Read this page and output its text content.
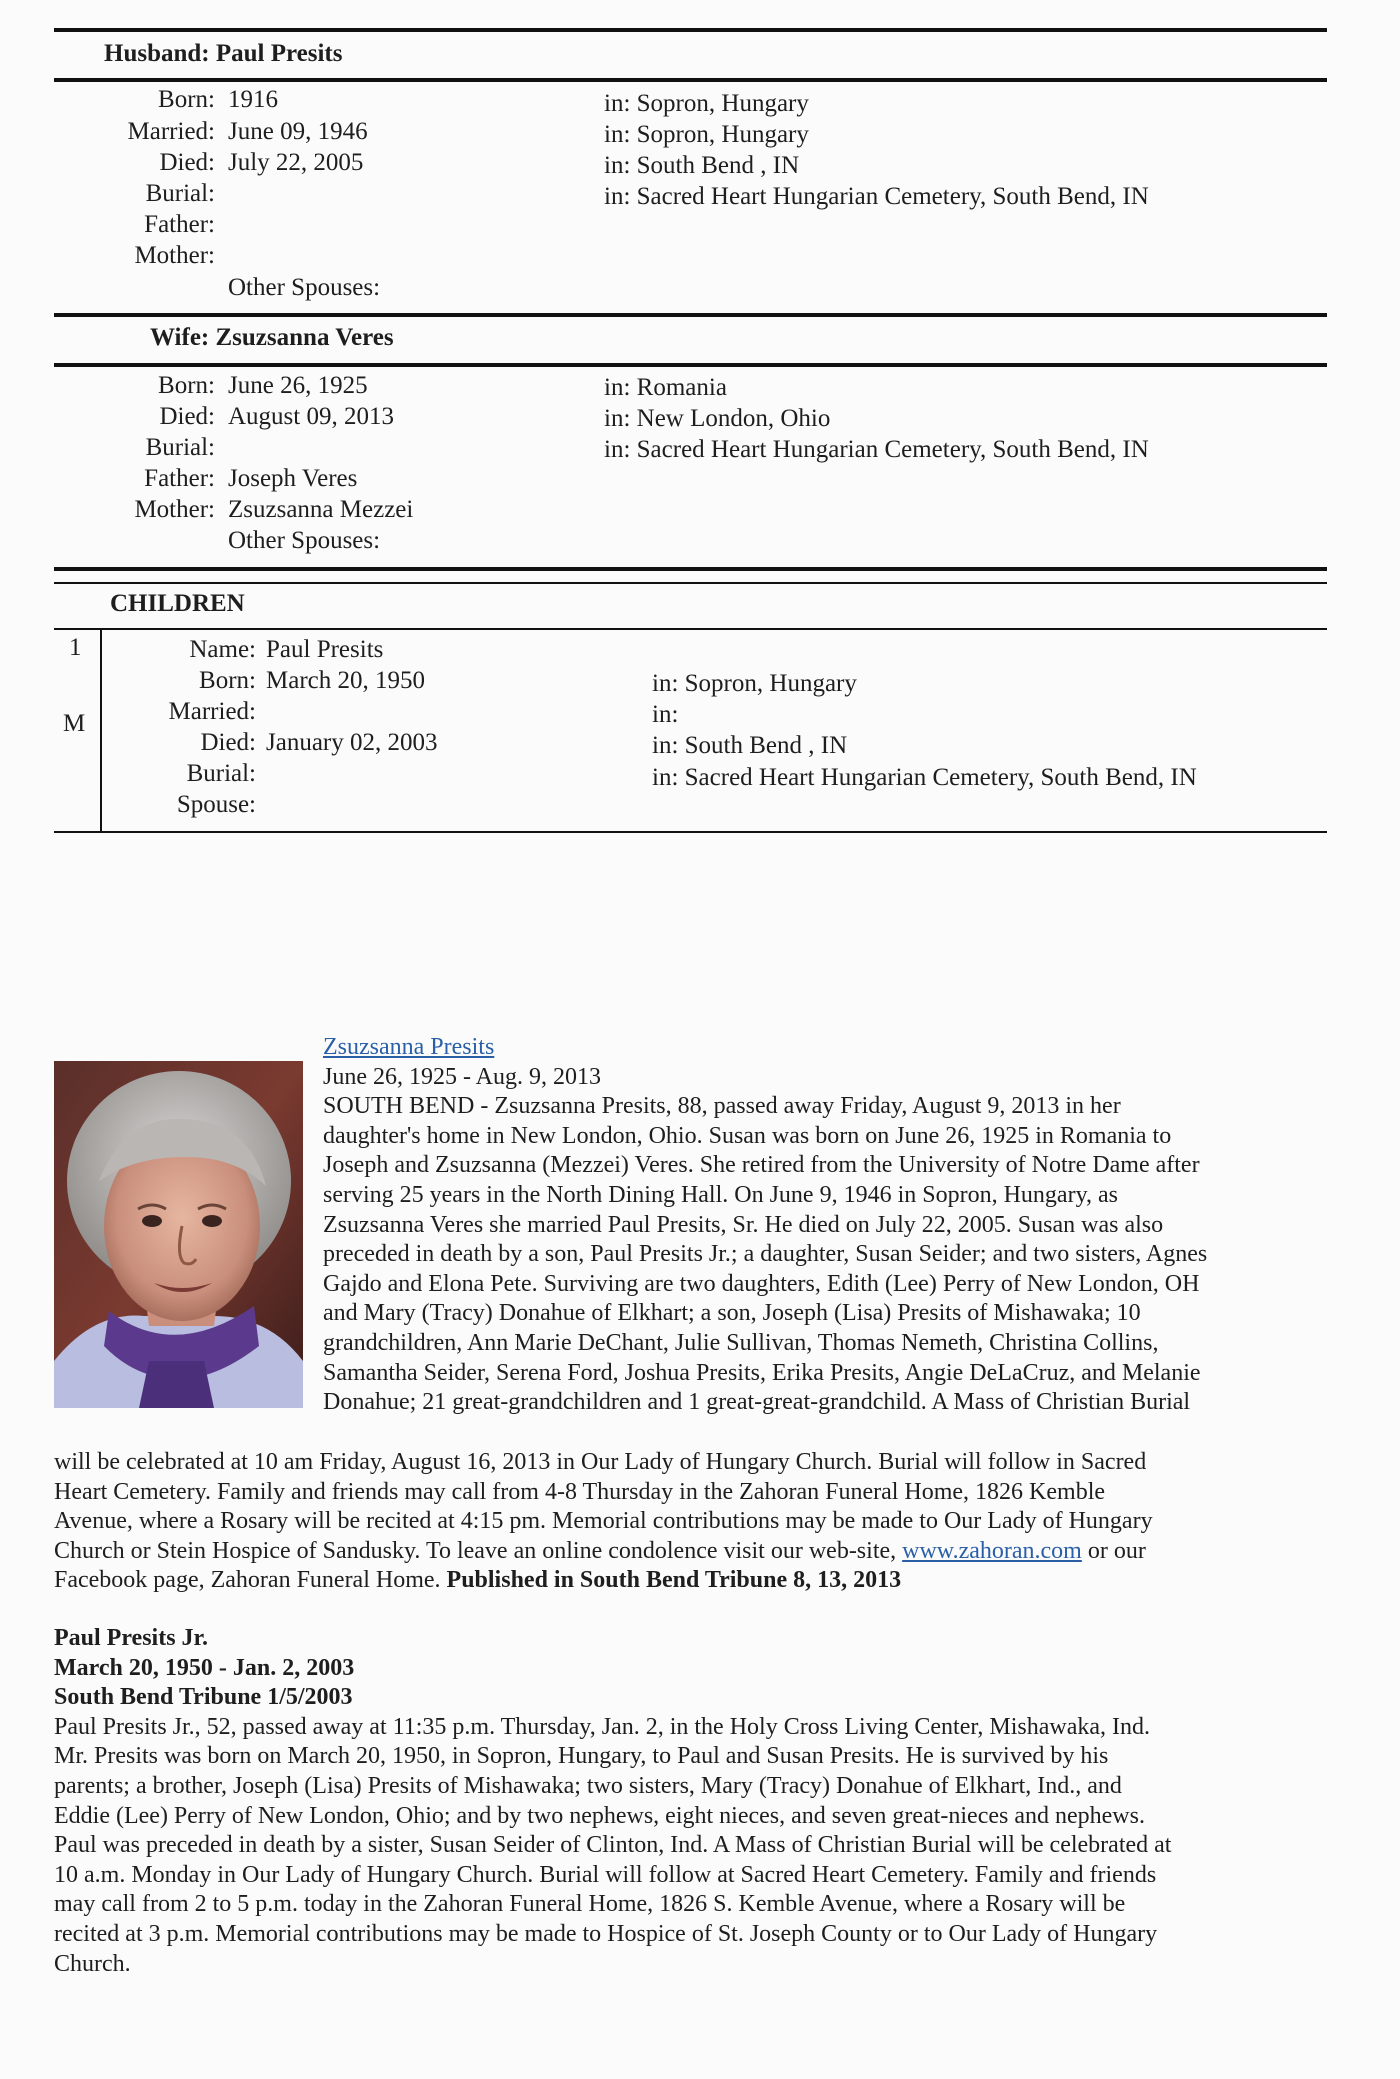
Husband: Paul Presits
Born: 1916	in: Sopron, Hungary
Married: June 09, 1946	in: Sopron, Hungary
Died: July 22, 2005	in: South Bend , IN
Burial:	in: Sacred Heart Hungarian Cemetery, South Bend, IN
Father:
Mother:
Other Spouses:
Wife: Zsuzsanna Veres
Born: June 26, 1925	in: Romania
Died: August 09, 2013	in: New London, Ohio
Burial:	in: Sacred Heart Hungarian Cemetery, South Bend, IN
Father: Joseph Veres
Mother: Zsuzsanna Mezzei
Other Spouses:
CHILDREN
1
M
Name: Paul Presits
Born: March 20, 1950	in: Sopron, Hungary
Married:	in:
Died: January 02, 2003	in: South Bend , IN
Burial:	in: Sacred Heart Hungarian Cemetery, South Bend, IN
Spouse:

Zsuzsanna Presits

June 26, 1925 - Aug. 9, 2013

SOUTH BEND - Zsuzsanna Presits, 88, passed away Friday, August 9, 2013 in her

daughter's home in New London, Ohio. Susan was born on June 26, 1925 in Romania to

Joseph and Zsuzsanna (Mezzei) Veres. She retired from the University of Notre Dame after

serving 25 years in the North Dining Hall. On June 9, 1946 in Sopron, Hungary, as

Zsuzsanna Veres she married Paul Presits, Sr. He died on July 22, 2005. Susan was also

preceded in death by a son, Paul Presits Jr.; a daughter, Susan Seider; and two sisters, Agnes

Gajdo and Elona Pete. Surviving are two daughters, Edith (Lee) Perry of New London, OH

and Mary (Tracy) Donahue of Elkhart; a son, Joseph (Lisa) Presits of Mishawaka; 10

grandchildren, Ann Marie DeChant, Julie Sullivan, Thomas Nemeth, Christina Collins,

Samantha Seider, Serena Ford, Joshua Presits, Erika Presits, Angie DeLaCruz, and Melanie

Donahue; 21 great-grandchildren and 1 great-great-grandchild. A Mass of Christian Burial

will be celebrated at 10 am Friday, August 16, 2013 in Our Lady of Hungary Church. Burial will follow in Sacred

Heart Cemetery. Family and friends may call from 4-8 Thursday in the Zahoran Funeral Home, 1826 Kemble

Avenue, where a Rosary will be recited at 4:15 pm. Memorial contributions may be made to Our Lady of Hungary

Church or Stein Hospice of Sandusky. To leave an online condolence visit our web-site, www.zahoran.com or our

Facebook page, Zahoran Funeral Home. Published in South Bend Tribune 8, 13, 2013

Paul Presits Jr.

March 20, 1950 - Jan. 2, 2003

South Bend Tribune 1/5/2003

Paul Presits Jr., 52, passed away at 11:35 p.m. Thursday, Jan. 2, in the Holy Cross Living Center, Mishawaka, Ind.

Mr. Presits was born on March 20, 1950, in Sopron, Hungary, to Paul and Susan Presits. He is survived by his

parents; a brother, Joseph (Lisa) Presits of Mishawaka; two sisters, Mary (Tracy) Donahue of Elkhart, Ind., and

Eddie (Lee) Perry of New London, Ohio; and by two nephews, eight nieces, and seven great-nieces and nephews.

Paul was preceded in death by a sister, Susan Seider of Clinton, Ind. A Mass of Christian Burial will be celebrated at

10 a.m. Monday in Our Lady of Hungary Church. Burial will follow at Sacred Heart Cemetery. Family and friends

may call from 2 to 5 p.m. today in the Zahoran Funeral Home, 1826 S. Kemble Avenue, where a Rosary will be

recited at 3 p.m. Memorial contributions may be made to Hospice of St. Joseph County or to Our Lady of Hungary

Church.
